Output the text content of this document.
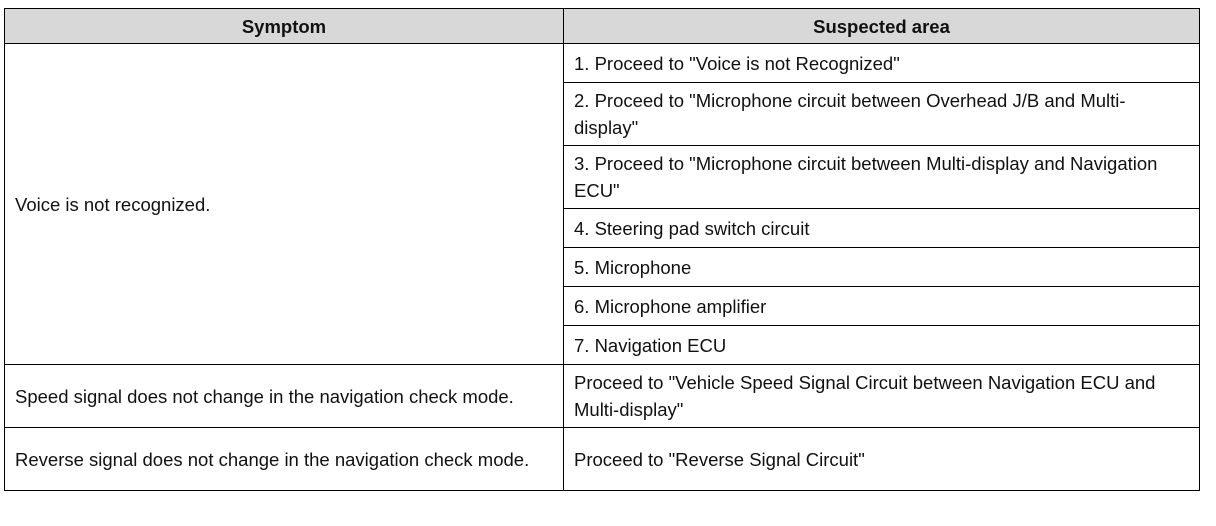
Symptom	Suspected area
Voice is not recognized.	1. Proceed to "Voice is not Recognized"
	2. Proceed to "Microphone circuit between Overhead J/B and Multi-display"
	3. Proceed to "Microphone circuit between Multi-display and Navigation ECU"
	4. Steering pad switch circuit
	5. Microphone
	6. Microphone amplifier
	7. Navigation ECU
Speed signal does not change in the navigation check mode.	Proceed to "Vehicle Speed Signal Circuit between Navigation ECU and Multi-display"
Reverse signal does not change in the navigation check mode.	Proceed to "Reverse Signal Circuit"
